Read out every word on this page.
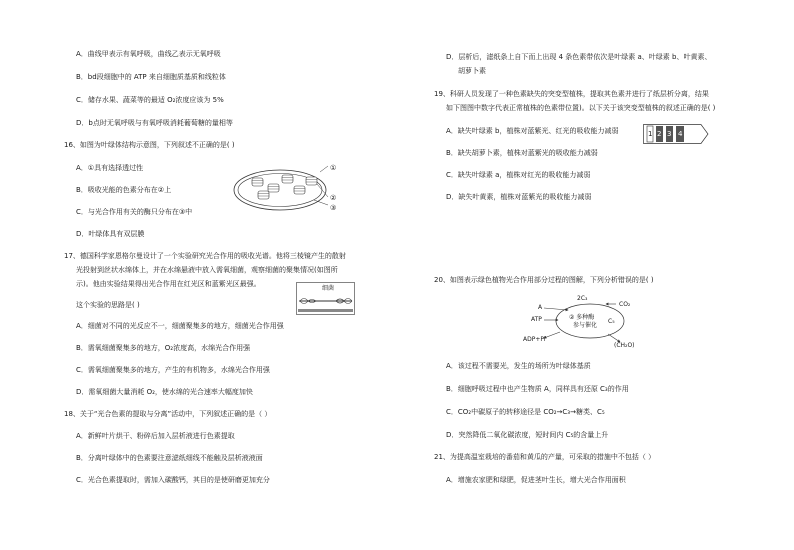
A．曲线甲表示有氧呼吸，曲线乙表示无氧呼吸
B．bd段细胞中的 ATP 来自细胞质基质和线粒体
C．储存水果、蔬菜等的最适 O₂浓度应该为 5%
D．b点时无氧呼吸与有氧呼吸消耗葡萄糖的量相等
16、如图为叶绿体结构示意图，下列叙述不正确的是( )
A．①具有选择透过性
B．吸收光能的色素分布在②上
C．与光合作用有关的酶只分布在③中
D．叶绿体具有双层膜
①
②
③
17、德国科学家恩格尔曼设计了一个实验研究光合作用的吸收光谱。他将三棱镜产生的散射
光投射到丝状水绵体上，并在水绵悬液中放入需氧细菌，观察细菌的聚集情况(如图所
示)。他由实验结果得出光合作用在红光区和蓝紫光区最强。
这个实验的思路是( )
细菌
A．细菌对不同的光反应不一，细菌聚集多的地方，细菌光合作用强
B．需氧细菌聚集多的地方，O₂浓度高，水绵光合作用强
C．需氧细菌聚集多的地方，产生的有机物多，水绵光合作用强
D．需氧细菌大量消耗 O₂，使水绵的光合速率大幅度加快
18、关于“光合色素的提取与分离”活动中，下列叙述正确的是（ ）
A．新鲜叶片烘干、粉碎后加入层析液进行色素提取
B．分离叶绿体中的色素要注意滤纸细线不能触及层析液液面
C．光合色素提取时，需加入碳酸钙，其目的是使研磨更加充分
D．层析后，滤纸条上自下而上出现 4 条色素带依次是叶绿素 a、叶绿素 b、叶黄素、
胡萝卜素
19、科研人员发现了一种色素缺失的突变型植株，提取其色素并进行了纸层析分离，结果
如下图图中数字代表正常植株的色素带位置)。以下关于该突变型植株的叙述正确的是( )
1 2 3 4
A．缺失叶绿素 b，植株对蓝紫光、红光的吸收能力减弱
B．缺失胡萝卜素，植株对蓝紫光的吸收能力减弱
C．缺失叶绿素 a，植株对红光的吸收能力减弱
D．缺失叶黄素，植株对蓝紫光的吸收能力减弱
20、如图表示绿色植物光合作用部分过程的图解，下列分析错误的是( )
2C₃
CO₂
A
C₅
ATP	② 多种酶
参与催化
ADP+Pi
(CH₂O)
A．该过程不需要光，发生的场所为叶绿体基质
B．细胞呼吸过程中也产生物质 A，同样具有还原 C₃的作用
C．CO₂中碳原子的转移途径是 CO₂→C₃→糖类、C₅
D．突然降低二氧化碳浓度，短时间内 C₅的含量上升
21、为提高温室栽培的番茄和黄瓜的产量，可采取的措施中不包括（ ）
A．增施农家肥和绿肥，促进茎叶生长，增大光合作用面积
